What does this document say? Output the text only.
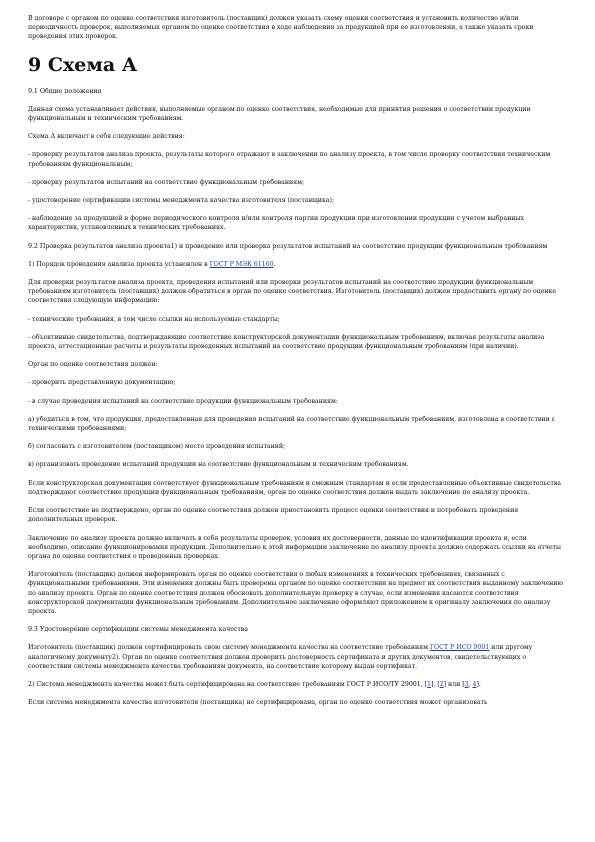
В договоре с органом по оценке соответствия изготовитель (поставщик) должен указать схему оценки соответствия и установить количество и/или периодичность проверок, выполняемых органом по оценке соответствия в ходе наблюдения за продукцией при ее изготовлении, а также указать сроки проведения этих проверок.

9 Схема А

9.1 Общие положения

Данная схема устанавливает действия, выполняемые органом по оценке соответствия, необходимые для принятия решения о соответствии продукции функциональным и техническим требованиям.

Схема А включает в себя следующие действия:

- проверку результатов анализа проекта, результаты которого отражают в заключении по анализу проекта, в том числе проверку соответствия техническим требованиям функциональным;

- проверку результатов испытаний на соответствие функциональным требованиям;

- удостоверение сертификации системы менеджмента качества изготовителя (поставщика);

- наблюдение за продукцией в форме периодического контроля и/или контроля партии продукции при изготовлении продукции с учетом выбранных характеристик, установленных в технических требованиях.

9.2 Проверка результатов анализа проекта1) и проведение или проверка результатов испытаний на соответствие продукции функциональным требованиям

1) Порядок проведения анализа проекта установлен в ГОСТ Р МЭК 61160.

Для проверки результатов анализа проекта, проведения испытаний или проверки результатов испытаний на соответствие продукции функциональным требованиям изготовитель (поставщик) должен обратиться в орган по оценке соответствия. Изготовитель (поставщик) должен предоставить органу по оценке соответствия следующую информацию:

- технические требования, в том числе ссылки на используемые стандарты;

- объективные свидетельства, подтверждающие соответствие конструкторской документации функциональным требованиям, включая результаты анализа проекта, аттестационные расчеты и результаты проведенных испытаний на соответствие продукции функциональным требованиям (при наличии).

Орган по оценке соответствия должен:

- проверить представленную документацию;

- в случае проведения испытаний на соответствие продукции функциональным требованиям:

а) убедиться в том, что продукция, предоставленная для проведения испытаний на соответствие функциональным требованиям, изготовлена в соответствии с техническими требованиями;

б) согласовать с изготовителем (поставщиком) место проведения испытаний;

в) организовать проведение испытаний продукции на соответствие функциональным и техническим требованиям.

Если конструкторская документация соответствует функциональным требованиям и смежным стандартам и если предоставленные объективные свидетельства подтверждают соответствие продукции функциональным требованиям, орган по оценке соответствия должен выдать заключение по анализу проекта.

Если соответствие не подтверждено, орган по оценке соответствия должен приостановить процесс оценки соответствия и потребовать проведения дополнительных проверок.

Заключение по анализу проекта должно включать в себя результаты проверок, условия их достоверности, данные по идентификации проекта и, если необходимо, описание функционирования продукции. Дополнительно к этой информации заключение по анализу проекта должно содержать ссылки на отчеты органа по оценке соответствия о проведенных проверках.

Изготовитель (поставщик) должен информировать орган по оценке соответствия о любых изменениях в технических требованиях, связанных с функциональными требованиями. Эти изменения должны быть проверены органом по оценке соответствия на предмет их соответствия выданному заключению по анализу проекта. Орган по оценке соответствия должен обосновать дополнительную проверку в случае, если изменения касаются соответствия конструкторской документации функциональным требованиям. Дополнительное заключение оформляют приложением к оригиналу заключения по анализу проекта.

9.3 Удостоверение сертификации системы менеджмента качества

Изготовитель (поставщик) должен сертифицировать свою систему менеджмента качества на соответствие требованиям ГОСТ Р ИСО 9001 или другому аналогичному документу2). Орган по оценке соответствия должен проверить достоверность сертификата и других документов, свидетельствующих о соответствии системы менеджмента качества требованиям документа, на соответствие которому выдан сертификат.

2) Система менеджмента качества может быть сертифицирована на соответствие требованиям ГОСТ Р ИСО/ТУ 29001, [1], [2] или [3, 4].

Если система менеджмента качества изготовителя (поставщика) не сертифицирована, орган по оценке соответствия может организовать
